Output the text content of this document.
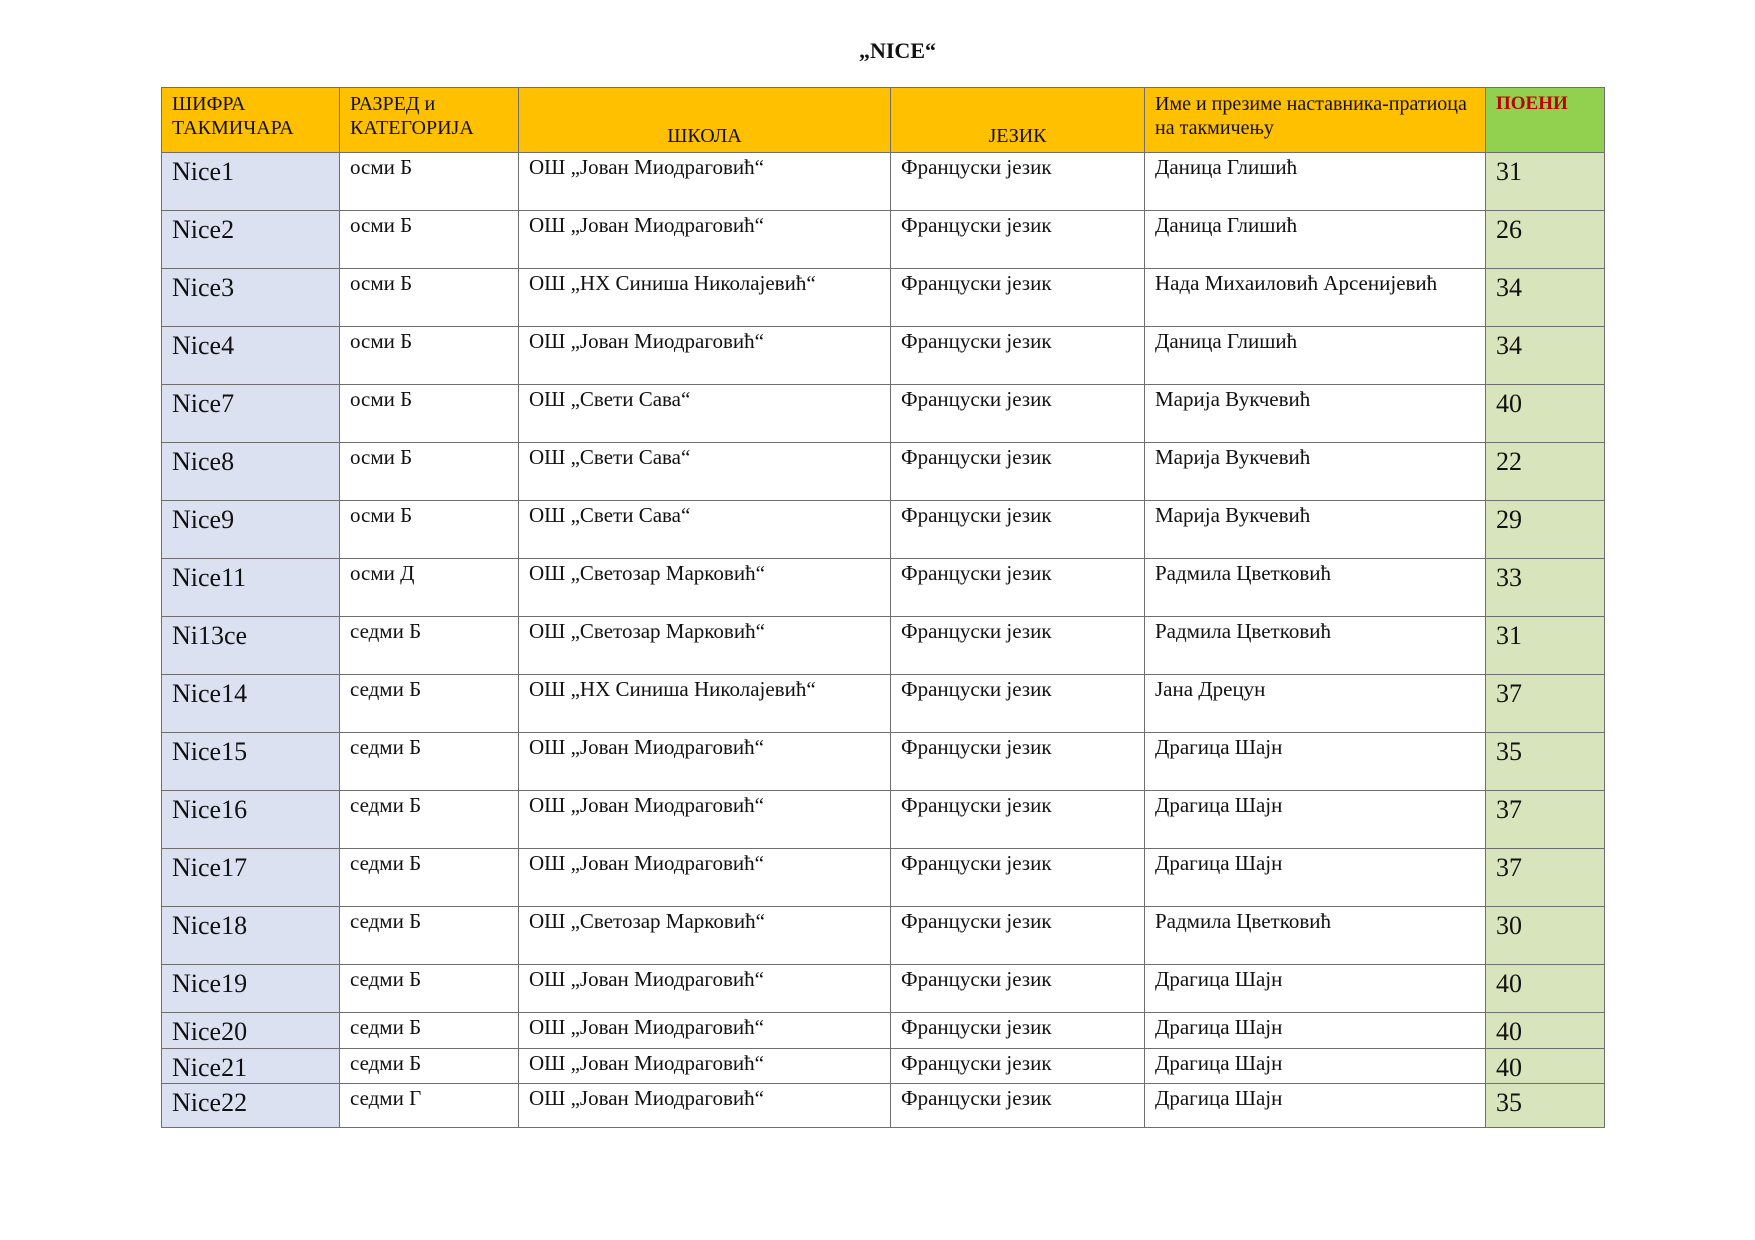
„NICE“
ШИФРА ТАКМИЧАРА	РАЗРЕД и КАТЕГОРИЈА	ШКОЛА	ЈЕЗИК	Име и презиме наставника-пратиоца на такмичењу	ПОЕНИ
Nice1	осми Б	ОШ „Јован Миодраговић“	Француски језик	Даница Глишић	31
Nice2	осми Б	ОШ „Јован Миодраговић“	Француски језик	Даница Глишић	26
Nice3	осми Б	ОШ „НХ Синиша Николајевић“	Француски језик	Нада Михаиловић Арсенијевић	34
Nice4	осми Б	ОШ „Јован Миодраговић“	Француски језик	Даница Глишић	34
Nice7	осми Б	ОШ „Свети Сава“	Француски језик	Марија Вукчевић	40
Nice8	осми Б	ОШ „Свети Сава“	Француски језик	Марија Вукчевић	22
Nice9	осми Б	ОШ „Свети Сава“	Француски језик	Марија Вукчевић	29
Nice11	осми Д	ОШ „Светозар Марковић“	Француски језик	Радмила Цветковић	33
Ni13ce	седми Б	ОШ „Светозар Марковић“	Француски језик	Радмила Цветковић	31
Nice14	седми Б	ОШ „НХ Синиша Николајевић“	Француски језик	Јана Дрецун	37
Nice15	седми Б	ОШ „Јован Миодраговић“	Француски језик	Драгица Шајн	35
Nice16	седми Б	ОШ „Јован Миодраговић“	Француски језик	Драгица Шајн	37
Nice17	седми Б	ОШ „Јован Миодраговић“	Француски језик	Драгица Шајн	37
Nice18	седми Б	ОШ „Светозар Марковић“	Француски језик	Радмила Цветковић	30
Nice19	седми Б	ОШ „Јован Миодраговић“	Француски језик	Драгица Шајн	40
Nice20	седми Б	ОШ „Јован Миодраговић“	Француски језик	Драгица Шајн	40
Nice21	седми Б	ОШ „Јован Миодраговић“	Француски језик	Драгица Шајн	40
Nice22	седми Г	ОШ „Јован Миодраговић“	Француски језик	Драгица Шајн	35
